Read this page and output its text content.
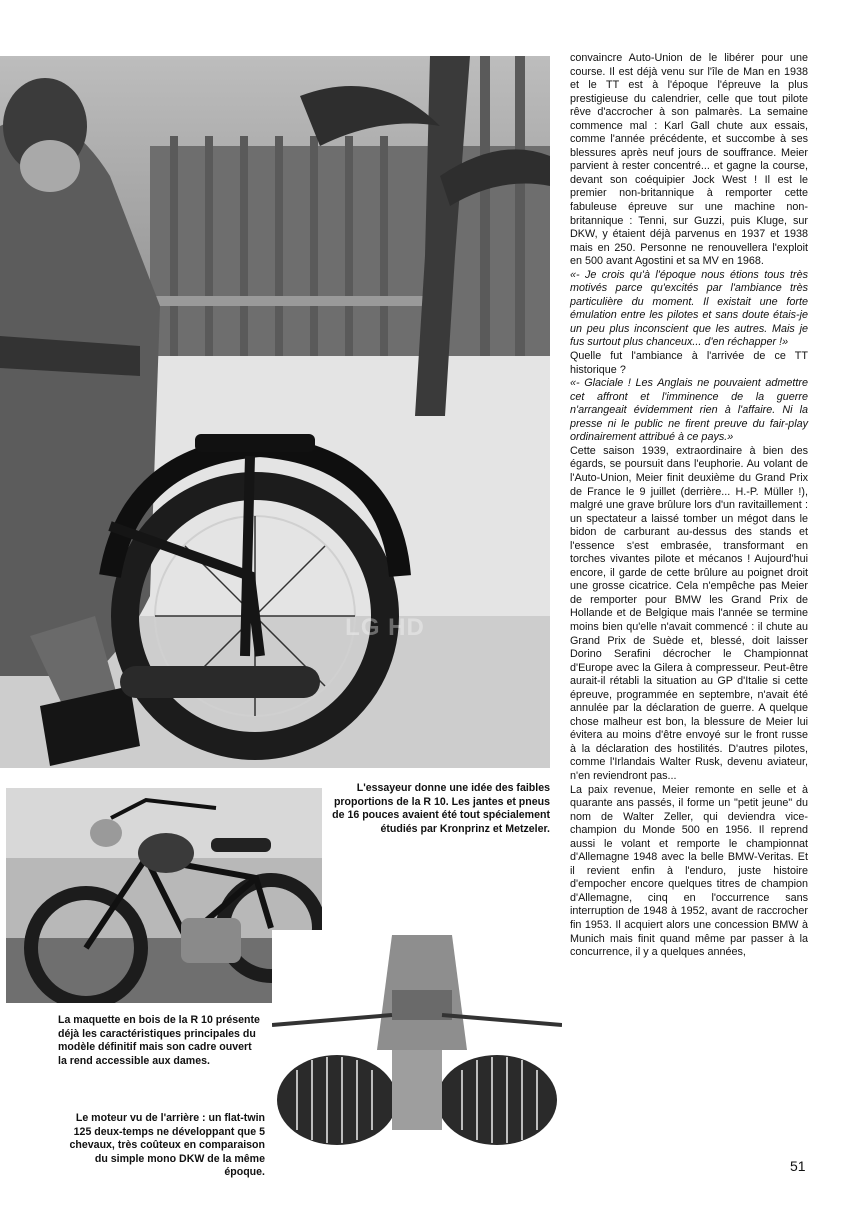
LG HD
L'essayeur donne une idée des faibles proportions de la R 10. Les jantes et pneus de 16 pouces avaient été tout spécialement étudiés par Kronprinz et Metzeler.
La maquette en bois de la R 10 présente déjà les caractéristiques principales du modèle définitif mais son cadre ouvert la rend accessible aux dames.
Le moteur vu de l'arrière : un flat-twin 125 deux-temps ne développant que 5 chevaux, très coûteux en comparaison du simple mono DKW de la même époque.

convaincre Auto-Union de le libérer pour une course. Il est déjà venu sur l'île de Man en 1938 et le TT est à l'époque l'épreuve la plus prestigieuse du calendrier, celle que tout pilote rêve d'accrocher à son palmarès. La semaine commence mal : Karl Gall chute aux essais, comme l'année précédente, et succombe à ses blessures après neuf jours de souffrance. Meier parvient à rester concentré... et gagne la course, devant son coéquipier Jock West ! Il est le premier non-britannique à remporter cette fabuleuse épreuve sur une machine non-britannique : Tenni, sur Guzzi, puis Kluge, sur DKW, y étaient déjà parvenus en 1937 et 1938 mais en 250. Personne ne renouvellera l'exploit en 500 avant Agostini et sa MV en 1968.

«- Je crois qu'à l'époque nous étions tous très motivés parce qu'excités par l'ambiance très particulière du moment. Il existait une forte émulation entre les pilotes et sans doute étais-je un peu plus inconscient que les autres. Mais je fus surtout plus chanceux... d'en réchapper !»

Quelle fut l'ambiance à l'arrivée de ce TT historique ?

«- Glaciale ! Les Anglais ne pouvaient admettre cet affront et l'imminence de la guerre n'arrangeait évidemment rien à l'affaire. Ni la presse ni le public ne firent preuve du fair-play ordinairement attribué à ce pays.»

Cette saison 1939, extraordinaire à bien des égards, se poursuit dans l'euphorie. Au volant de l'Auto-Union, Meier finit deuxième du Grand Prix de France le 9 juillet (derrière... H.-P. Müller !), malgré une grave brûlure lors d'un ravitaillement : un spectateur a laissé tomber un mégot dans le bidon de carburant au-dessus des stands et l'essence s'est embrasée, transformant en torches vivantes pilote et mécanos ! Aujourd'hui encore, il garde de cette brûlure au poignet droit une grosse cicatrice. Cela n'empêche pas Meier de remporter pour BMW les Grand Prix de Hollande et de Belgique mais l'année se termine moins bien qu'elle n'avait commencé : il chute au Grand Prix de Suède et, blessé, doit laisser Dorino Serafini décrocher le Championnat d'Europe avec la Gilera à compresseur. Peut-être aurait-il rétabli la situation au GP d'Italie si cette épreuve, programmée en septembre, n'avait été annulée par la déclaration de guerre. A quelque chose malheur est bon, la blessure de Meier lui évitera au moins d'être envoyé sur le front russe à la déclaration des hostilités. D'autres pilotes, comme l'Irlandais Walter Rusk, devenu aviateur, n'en reviendront pas...

La paix revenue, Meier remonte en selle et à quarante ans passés, il forme un "petit jeune" du nom de Walter Zeller, qui deviendra vice-champion du Monde 500 en 1956. Il reprend aussi le volant et remporte le championnat d'Allemagne 1948 avec la belle BMW-Veritas. Et il revient enfin à l'enduro, juste histoire d'empocher encore quelques titres de champion d'Allemagne, cinq en l'occurrence sans interruption de 1948 à 1952, avant de raccrocher fin 1953. Il acquiert alors une concession BMW à Munich mais finit quand même par passer à la concurrence, il y a quelques années,

51
